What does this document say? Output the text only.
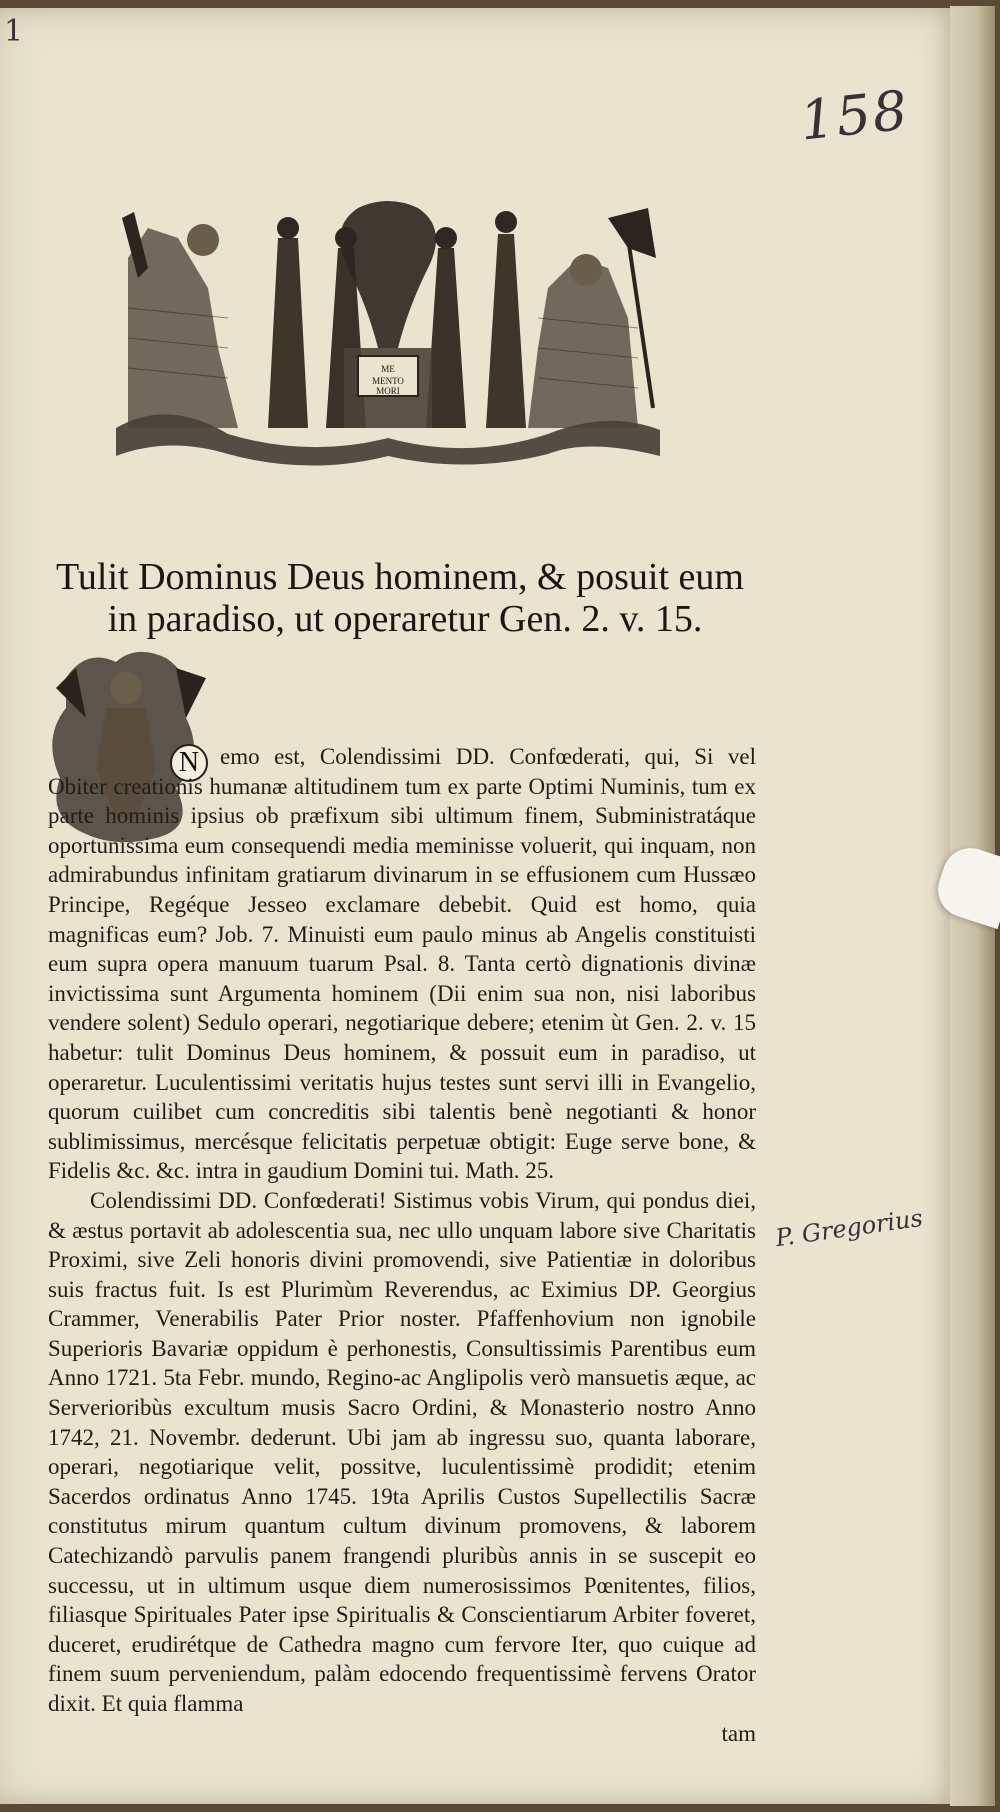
1
158
ME
MENTO
MORI
Tulit Dominus Deus hominem, & posuit eum
in paradiso, ut operaretur Gen. 2. v. 15.
N emo est, Colendissimi DD. Confœderati, qui, Si vel Obiter creationis humanæ altitudinem tum ex parte Optimi Numinis, tum ex parte hominis ipsius ob præfixum sibi ultimum finem, Subministratáque oportunissima eum consequendi media meminisse voluerit, qui inquam, non admirabundus infinitam gratiarum divinarum in se effusionem cum Hussæo Principe, Regéque Jesseo exclamare debebit. Quid est homo, quia magnificas eum? Job. 7. Minuisti eum paulo minus ab Angelis constituisti eum supra opera manuum tuarum Psal. 8. Tanta certò dignationis divinæ invictissima sunt Argumenta hominem (Dii enim sua non, nisi laboribus vendere solent) Sedulo operari, negotiarique debere; etenim ùt Gen. 2. v. 15 habetur: tulit Dominus Deus hominem, & possuit eum in paradiso, ut operaretur. Luculentissimi veritatis hujus testes sunt servi illi in Evangelio, quorum cuilibet cum concreditis sibi talentis benè negotianti & honor sublimissimus, mercésque felicitatis perpetuæ obtigit: Euge serve bone, & Fidelis &c. &c. intra in gaudium Domini tui. Math. 25.

Colendissimi DD. Confœderati! Sistimus vobis Virum, qui pondus diei, & æstus portavit ab adolescentia sua, nec ullo unquam labore sive Charitatis Proximi, sive Zeli honoris divini promovendi, sive Patientiæ in doloribus suis fractus fuit. Is est Plurimùm Reverendus, ac Eximius DP. Georgius Crammer, Venerabilis Pater Prior noster. Pfaffenhovium non ignobile Superioris Bavariæ oppidum è perhonestis, Consultissimis Parentibus eum Anno 1721. 5ta Febr. mundo, Regino-ac Anglipolis verò mansuetis æque, ac Serverioribùs excultum musis Sacro Ordini, & Monasterio nostro Anno 1742, 21. Novembr. dederunt. Ubi jam ab ingressu suo, quanta laborare, operari, negotiarique velit, possitve, luculentissimè prodidit; etenim Sacerdos ordinatus Anno 1745. 19ta Aprilis Custos Supellectilis Sacræ constitutus mirum quantum cultum divinum promovens, & laborem Catechizandò parvulis panem frangendi pluribùs annis in se suscepit eo successu, ut in ultimum usque diem numerosissimos Pœnitentes, filios, filiasque Spirituales Pater ipse Spiritualis & Conscientiarum Arbiter foveret, duceret, erudirétque de Cathedra magno cum fervore Iter, quo cuique ad finem suum perveniendum, palàm edocendo frequentissimè fervens Orator dixit. Et quia flamma

tam
P. Gregorius
